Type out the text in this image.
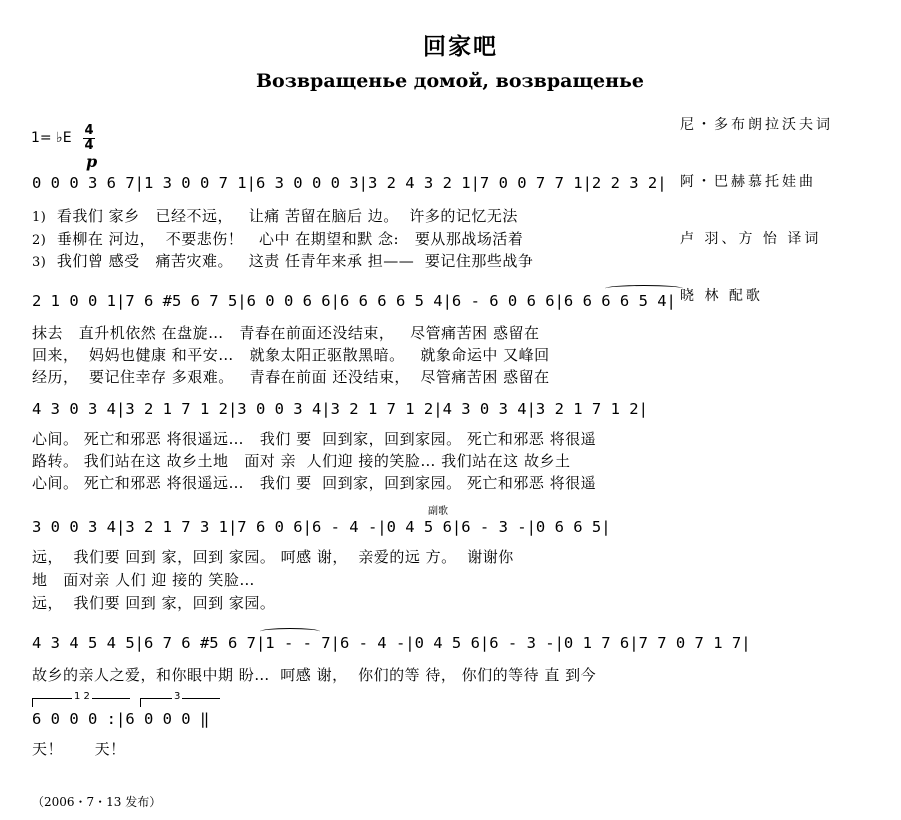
回家吧
Возвращенье домой, возвращенье

尼・多布朗拉沃夫词

阿・巴赫慕托娃曲

卢 羽、方 怡 译词

晓 林 配歌

1= ♭E 4
4
p
0 0 0 3 6 7|1 3 0 0 7 1|6 3 0 0 0 3|3 2 4 3 2 1|7 0 0 7 7 1|2 2 3 2|
1) 看我们 家乡   已经不远，   让痛 苦留在脑后 边。  许多的记忆无法
2) 垂柳在 河边，  不要悲伤！   心中 在期望和默 念:   要从那战场活着
3) 我们曾 感受   痛苦灾难。   这责 任青年来承 担——  要记住那些战争
2 1 0 0 1|7 6 #5 6 7 5|6 0 0 6 6|6 6 6 6 5 4|6 - 6 0 6 6|6 6 6 6 5 4|
抹去   直升机依然 在盘旋…   青春在前面还没结束，   尽管痛苦困 惑留在
回来，  妈妈也健康 和平安…   就象太阳正驱散黑暗。   就象命运中 又峰回
经历，  要记住幸存 多艰难。   青春在前面 还没结束，  尽管痛苦困 惑留在
4 3 0 3 4|3 2 1 7 1 2|3 0 0 3 4|3 2 1 7 1 2|4 3 0 3 4|3 2 1 7 1 2|
心间。 死亡和邪恶 将很遥远…   我们 要  回到家，回到家园。 死亡和邪恶 将很遥
路转。 我们站在这 故乡土地   面对 亲  人们迎 接的笑脸… 我们站在这 故乡土
心间。 死亡和邪恶 将很遥远…   我们 要  回到家，回到家园。 死亡和邪恶 将很遥
副歌
3 0 0 3 4|3 2 1 7 3 1|7 6 0 6|6 - 4 -|0 4 5 6|6 - 3 -|0 6 6 5|
远，  我们要 回到 家，回到 家园。 呵感 谢，  亲爱的远 方。  谢谢你
地   面对亲 人们 迎 接的 笑脸…
远，  我们要 回到 家，回到 家园。
4 3 4 5 4 5|6 7 6 #5 6 7|1 - - 7|6 - 4 -|0 4 5 6|6 - 3 -|0 1 7 6|7 7 0 7 1 7|
故乡的亲人之爱，和你眼中期 盼…  呵感 谢，  你们的等 待， 你们的等待 直 到今
1 2	3
6 0 0 0 :|6 0 0 0 ‖
天！      天！
（2006・7・13 发布）
